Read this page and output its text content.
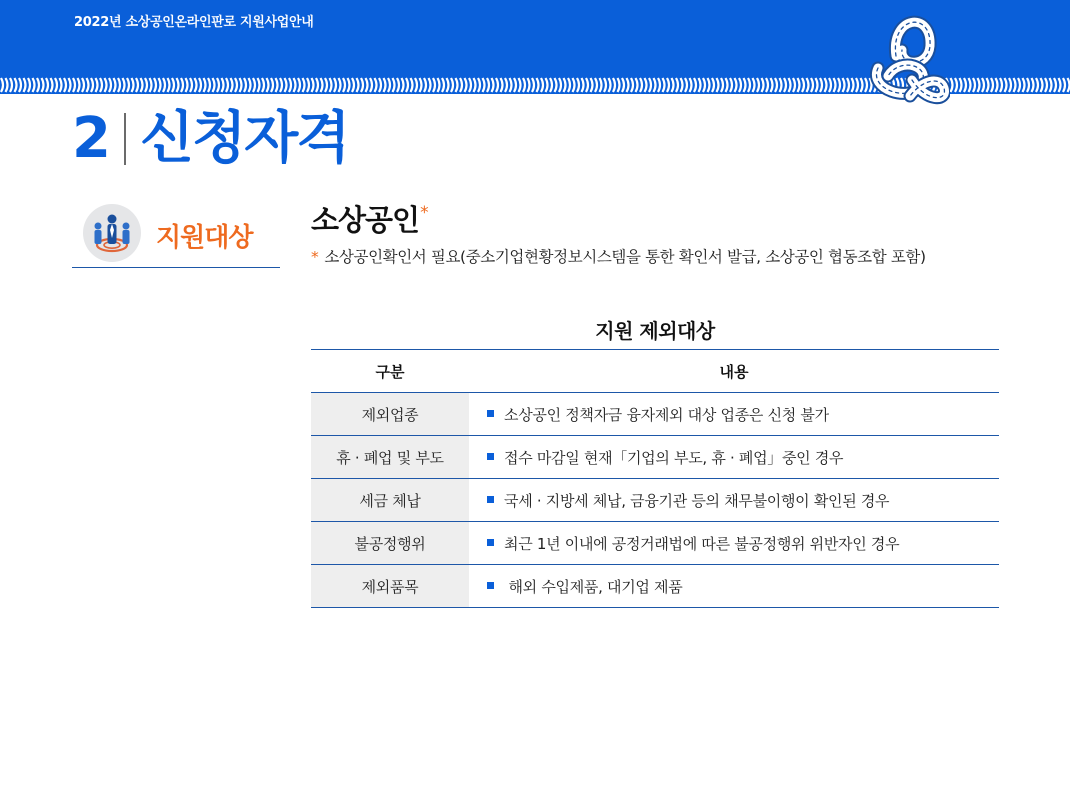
2022년 소상공인온라인판로 지원사업안내
2 신청자격
지원대상
소상공인*
* 소상공인확인서 필요(중소기업현황정보시스템을 통한 확인서 발급, 소상공인 협동조합 포함)
지원 제외대상
구분	내용
제외업종	소상공인 정책자금 융자제외 대상 업종은 신청 불가
휴 · 폐업 및 부도	접수 마감일 현재「기업의 부도, 휴 · 폐업」중인 경우
세금 체납	국세 · 지방세 체납, 금융기관 등의 채무불이행이 확인된 경우
불공정행위	최근 1년 이내에 공정거래법에 따른 불공정행위 위반자인 경우
제외품목	해외 수입제품, 대기업 제품
